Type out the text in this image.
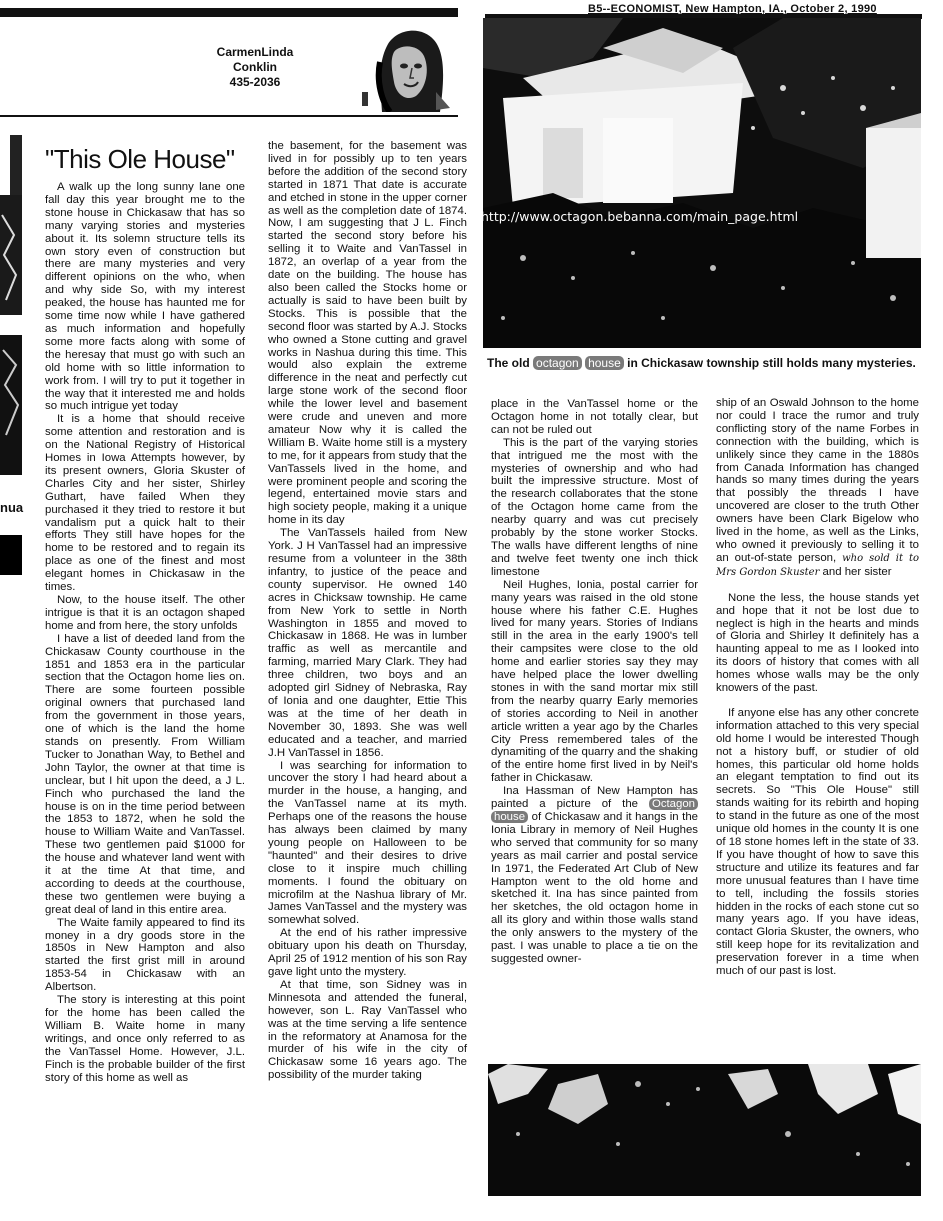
B5--ECONOMIST, New Hampton, IA., October 2, 1990
CarmenLinda
Conklin
435-2036
nua
"This Ole House"

A walk up the long sunny lane one fall day this year brought me to the stone house in Chickasaw that has so many varying stories and mysteries about it. Its solemn structure tells its own story even of construction but there are many mysteries and very different opinions on the who, when and why side So, with my interest peaked, the house has haunted me for some time now while I have gathered as much information and hopefully some more facts along with some of the heresay that must go with such an old home with so little information to work from. I will try to put it together in the way that it interested me and holds so much intrigue yet today

It is a home that should receive some attention and restoration and is on the National Registry of Historical Homes in Iowa Attempts however, by its present owners, Gloria Skuster of Charles City and her sister, Shirley Guthart, have failed When they purchased it they tried to restore it but vandalism put a quick halt to their efforts They still have hopes for the home to be restored and to regain its place as one of the finest and most elegant homes in Chickasaw in the times.

Now, to the house itself. The other intrigue is that it is an octagon shaped home and from here, the story unfolds

I have a list of deeded land from the Chickasaw County courthouse in the 1851 and 1853 era in the particular section that the Octagon home lies on. There are some fourteen possible original owners that purchased land from the government in those years, one of which is the land the home stands on presently. From William Tucker to Jonathan Way, to Bethel and John Taylor, the owner at that time is unclear, but I hit upon the deed, a J L. Finch who purchased the land the house is on in the time period between the 1853 to 1872, when he sold the house to William Waite and VanTassel. These two gentlemen paid $1000 for the house and whatever land went with it at the time At that time, and according to deeds at the courthouse, these two gentlemen were buying a great deal of land in this entire area.

The Waite family appeared to find its money in a dry goods store in the 1850s in New Hampton and also started the first grist mill in around 1853-54 in Chickasaw with an Albertson.

The story is interesting at this point for the home has been called the William B. Waite home in many writings, and once only referred to as the VanTassel Home. However, J.L. Finch is the probable builder of the first story of this home as well as

the basement, for the basement was lived in for possibly up to ten years before the addition of the second story started in 1871 That date is accurate and etched in stone in the upper corner as well as the completion date of 1874. Now, I am suggesting that J L. Finch started the second story before his selling it to Waite and VanTassel in 1872, an overlap of a year from the date on the building. The house has also been called the Stocks home or actually is said to have been built by Stocks. This is possible that the second floor was started by A.J. Stocks who owned a Stone cutting and gravel works in Nashua during this time. This would also explain the extreme difference in the neat and perfectly cut large stone work of the second floor while the lower level and basement were crude and uneven and more amateur Now why it is called the William B. Waite home still is a mystery to me, for it appears from study that the VanTassels lived in the home, and were prominent people and scoring the legend, entertained movie stars and high society people, making it a unique home in its day

The VanTassels hailed from New York. J H VanTassel had an impressive resume from a volunteer in the 38th infantry, to justice of the peace and county supervisor. He owned 140 acres in Chicksaw township. He came from New York to settle in North Washington in 1855 and moved to Chickasaw in 1868. He was in lumber traffic as well as mercantile and farming, married Mary Clark. They had three children, two boys and an adopted girl Sidney of Nebraska, Ray of Ionia and one daughter, Ettie This was at the time of her death in November 30, 1893. She was well educated and a teacher, and married J.H VanTassel in 1856.

I was searching for information to uncover the story I had heard about a murder in the house, a hanging, and the VanTassel name at its myth. Perhaps one of the reasons the house has always been claimed by many young people on Halloween to be "haunted" and their desires to drive close to it inspire much chilling moments. I found the obituary on microfilm at the Nashua library of Mr. James VanTassel and the mystery was somewhat solved.

At the end of his rather impressive obituary upon his death on Thursday, April 25 of 1912 mention of his son Ray gave light unto the mystery.

At that time, son Sidney was in Minnesota and attended the funeral, however, son L. Ray VanTassel who was at the time serving a life sentence in the reformatory at Anamosa for the murder of his wife in the city of Chickasaw some 16 years ago. The possibility of the murder taking

http://www.octagon.bebanna.com/main_page.html
The old octagon house in Chickasaw township still holds many mysteries.

place in the VanTassel home or the Octagon home in not totally clear, but can not be ruled out

This is the part of the varying stories that intrigued me the most with the mysteries of ownership and who had built the impressive structure. Most of the research collaborates that the stone of the Octagon home came from the nearby quarry and was cut precisely probably by the stone worker Stocks. The walls have different lengths of nine and twelve feet twenty one inch thick limestone

Neil Hughes, Ionia, postal carrier for many years was raised in the old stone house where his father C.E. Hughes lived for many years. Stories of Indians still in the area in the early 1900's tell their campsites were close to the old home and earlier stories say they may have helped place the lower dwelling stones in with the sand mortar mix still from the nearby quarry Early memories of stories according to Neil in another article written a year ago by the Charles City Press remembered tales of the dynamiting of the quarry and the shaking of the entire home first lived in by Neil's father in Chickasaw.

Ina Hassman of New Hampton has painted a picture of the Octagon house of Chickasaw and it hangs in the Ionia Library in memory of Neil Hughes who served that community for so many years as mail carrier and postal service In 1971, the Federated Art Club of New Hampton went to the old home and sketched it. Ina has since painted from her sketches, the old octagon home in all its glory and within those walls stand the only answers to the mystery of the past. I was unable to place a tie on the suggested owner-

ship of an Oswald Johnson to the home nor could I trace the rumor and truly conflicting story of the name Forbes in connection with the building, which is unlikely since they came in the 1880s from Canada Information has changed hands so many times during the years that possibly the threads I have uncovered are closer to the truth Other owners have been Clark Bigelow who lived in the home, as well as the Links, who owned it previously to selling it to an out-of-state person, who sold it to Mrs Gordon Skuster and her sister

None the less, the house stands yet and hope that it not be lost due to neglect is high in the hearts and minds of Gloria and Shirley It definitely has a haunting appeal to me as I looked into its doors of history that comes with all homes whose walls may be the only knowers of the past.

If anyone else has any other concrete information attached to this very special old home I would be interested Though not a history buff, or studier of old homes, this particular old home holds an elegant temptation to find out its secrets. So "This Ole House" still stands waiting for its rebirth and hoping to stand in the future as one of the most unique old homes in the county It is one of 18 stone homes left in the state of 33. If you have thought of how to save this structure and utilize its features and far more unusual features than I have time to tell, including the fossils stories hidden in the rocks of each stone cut so many years ago. If you have ideas, contact Gloria Skuster, the owners, who still keep hope for its revitalization and preservation forever in a time when much of our past is lost.
